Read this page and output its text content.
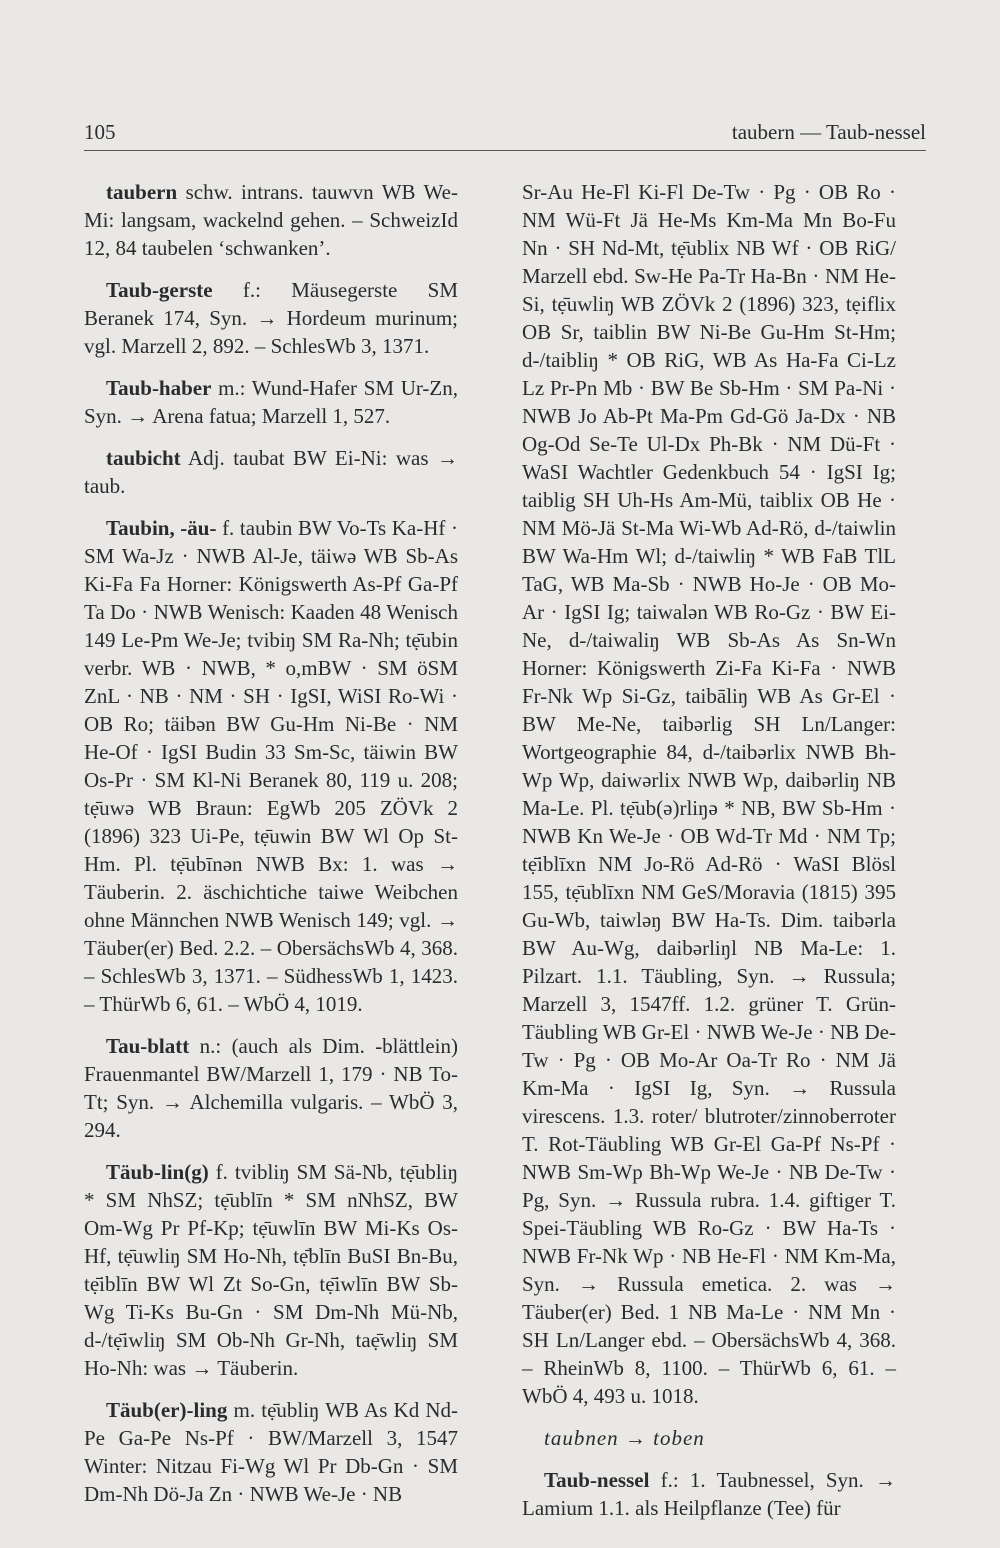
105	taubern — Taub-nessel

taubern schw. intrans. tauwvn WB We-Mi: langsam, wackelnd gehen. – SchweizId 12, 84 taubelen ‘schwanken’.

Taub-gerste f.: Mäusegerste SM Beranek 174, Syn. → Hordeum murinum; vgl. Marzell 2, 892. – SchlesWb 3, 1371.

Taub-haber m.: Wund-Hafer SM Ur-Zn, Syn. → Arena fatua; Marzell 1, 527.

taubicht Adj. taubat BW Ei-Ni: was → taub.

Taubin, -äu- f. taubin BW Vo-Ts Ka-Hf · SM Wa-Jz · NWB Al-Je, täiwə WB Sb-As Ki-Fa Fa Horner: Königswerth As-Pf Ga-Pf Ta Do · NWB Wenisch: Kaaden 48 Wenisch 149 Le-Pm We-Je; tvibiŋ SM Ra-Nh; tẹ̄ubin verbr. WB · NWB, * o,mBW · SM öSM ZnL · NB · NM · SH · IgSI, WiSI Ro-Wi · OB Ro; täibən BW Gu-Hm Ni-Be · NM He-Of · IgSI Budin 33 Sm-Sc, täiwin BW Os-Pr · SM Kl-Ni Beranek 80, 119 u. 208; tẹ̄uwə WB Braun: EgWb 205 ZÖVk 2 (1896) 323 Ui-Pe, tẹ̄uwin BW Wl Op St-Hm. Pl. tẹ̄ubīnən NWB Bx: 1. was → Täuberin. 2. äschichtiche taiwe Weibchen ohne Männchen NWB Wenisch 149; vgl. → Täuber(er) Bed. 2.2. – ObersächsWb 4, 368. – SchlesWb 3, 1371. – SüdhessWb 1, 1423. – ThürWb 6, 61. – WbÖ 4, 1019.

Tau-blatt n.: (auch als Dim. -blättlein) Frauenmantel BW/Marzell 1, 179 · NB To-Tt; Syn. → Alchemilla vulgaris. – WbÖ 3, 294.

Täub-lin(g) f. tvibliŋ SM Sä-Nb, tẹ̄ubliŋ * SM NhSZ; tẹ̄ublīn * SM nNhSZ, BW Om-Wg Pr Pf-Kp; tẹ̄uwlīn BW Mi-Ks Os-Hf, tẹ̄uwliŋ SM Ho-Nh, tẹ̄blīn BuSI Bn-Bu, tẹ̄iblīn BW Wl Zt So-Gn, tẹ̄iwlīn BW Sb-Wg Ti-Ks Bu-Gn · SM Dm-Nh Mü-Nb, d-/tẹ̄iwliŋ SM Ob-Nh Gr-Nh, taẹ̄wliŋ SM Ho-Nh: was → Täuberin.

Täub(er)-ling m. tẹ̄ubliŋ WB As Kd Nd-Pe Ga-Pe Ns-Pf · BW/Marzell 3, 1547 Winter: Nitzau Fi-Wg Wl Pr Db-Gn · SM Dm-Nh Dö-Ja Zn · NWB We-Je · NB

Sr-Au He-Fl Ki-Fl De-Tw · Pg · OB Ro · NM Wü-Ft Jä He-Ms Km-Ma Mn Bo-Fu Nn · SH Nd-Mt, tẹ̄ublix NB Wf · OB RiG/ Marzell ebd. Sw-He Pa-Tr Ha-Bn · NM He-Si, tẹ̄uwliŋ WB ZÖVk 2 (1896) 323, tẹiflix OB Sr, taiblin BW Ni-Be Gu-Hm St-Hm; d-/taibliŋ * OB RiG, WB As Ha-Fa Ci-Lz Lz Pr-Pn Mb · BW Be Sb-Hm · SM Pa-Ni · NWB Jo Ab-Pt Ma-Pm Gd-Gö Ja-Dx · NB Og-Od Se-Te Ul-Dx Ph-Bk · NM Dü-Ft · WaSI Wachtler Gedenkbuch 54 · IgSI Ig; taiblig SH Uh-Hs Am-Mü, taiblix OB He · NM Mö-Jä St-Ma Wi-Wb Ad-Rö, d-/taiwlin BW Wa-Hm Wl; d-/taiwliŋ * WB FaB TlL TaG, WB Ma-Sb · NWB Ho-Je · OB Mo-Ar · IgSI Ig; taiwalən WB Ro-Gz · BW Ei-Ne, d-/taiwaliŋ WB Sb-As As Sn-Wn Horner: Königswerth Zi-Fa Ki-Fa · NWB Fr-Nk Wp Si-Gz, taibāliŋ WB As Gr-El · BW Me-Ne, taibərlig SH Ln/Langer: Wortgeographie 84, d-/taibərlix NWB Bh-Wp Wp, daiwərlix NWB Wp, daibərliŋ NB Ma-Le. Pl. tẹ̄ub(ə)rliŋə * NB, BW Sb-Hm · NWB Kn We-Je · OB Wd-Tr Md · NM Tp; tẹ̄iblīxn NM Jo-Rö Ad-Rö · WaSI Blösl 155, tẹ̄ublīxn NM GeS/Moravia (1815) 395 Gu-Wb, taiwləŋ BW Ha-Ts. Dim. taibərla BW Au-Wg, daibərliŋl NB Ma-Le: 1. Pilzart. 1.1. Täubling, Syn. → Russula; Marzell 3, 1547ff. 1.2. grüner T. Grün-Täubling WB Gr-El · NWB We-Je · NB De-Tw · Pg · OB Mo-Ar Oa-Tr Ro · NM Jä Km-Ma · IgSI Ig, Syn. → Russula virescens. 1.3. roter/ blutroter/zinnoberroter T. Rot-Täubling WB Gr-El Ga-Pf Ns-Pf · NWB Sm-Wp Bh-Wp We-Je · NB De-Tw · Pg, Syn. → Russula rubra. 1.4. giftiger T. Spei-Täubling WB Ro-Gz · BW Ha-Ts · NWB Fr-Nk Wp · NB He-Fl · NM Km-Ma, Syn. → Russula emetica. 2. was → Täuber(er) Bed. 1 NB Ma-Le · NM Mn · SH Ln/Langer ebd. – ObersächsWb 4, 368. – RheinWb 8, 1100. – ThürWb 6, 61. – WbÖ 4, 493 u. 1018.

taubnen → toben

Taub-nessel f.: 1. Taubnessel, Syn. → Lamium 1.1. als Heilpflanze (Tee) für
